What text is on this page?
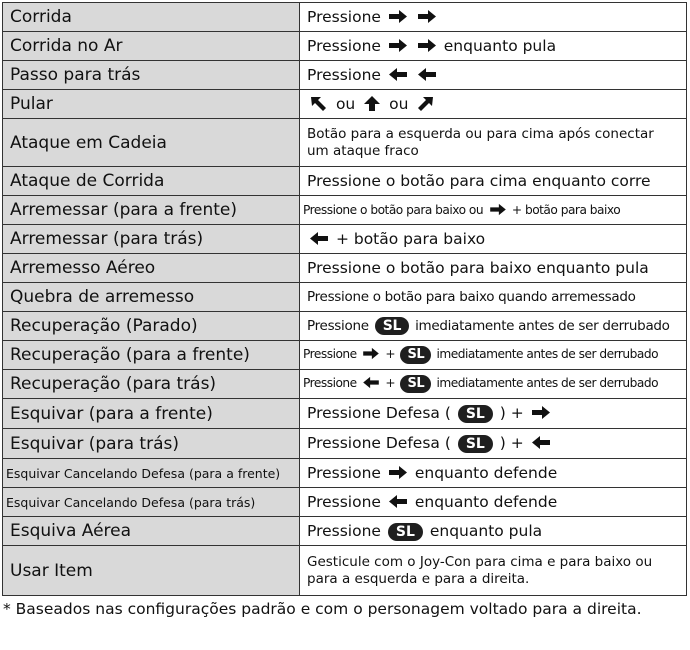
Corrida	Pressione

Corrida no Ar	Pressione
enquanto pula
Passo para trás	Pressione

Pular	ou ou

Ataque em Cadeia	Botão para a esquerda ou para cima após conectar um ataque fraco
Ataque de Corrida	Pressione o botão para cima enquanto corre
Arremessar (para a frente)	Pressione o botão para baixo ou + botão para baixo
Arremessar (para trás)	+ botão para baixo
Arremesso Aéreo	Pressione o botão para baixo enquanto pula
Quebra de arremesso	Pressione o botão para baixo quando arremessado
Recuperação (Parado)	Pressione SL imediatamente antes de ser derrubado
Recuperação (para a frente)	Pressione + SL imediatamente antes de ser derrubado
Recuperação (para trás)	Pressione + SL imediatamente antes de ser derrubado
Esquivar (para a frente)	Pressione Defesa ( SL ) +

Esquivar (para trás)	Pressione Defesa ( SL ) +

Esquivar Cancelando Defesa (para a frente)	Pressione enquanto defende
Esquivar Cancelando Defesa (para trás)	Pressione enquanto defende
Esquiva Aérea	Pressione SL enquanto pula
Usar Item	Gesticule com o Joy-Con para cima e para baixo ou para a esquerda e para a direita.
* Baseados nas configurações padrão e com o personagem voltado para a direita.
